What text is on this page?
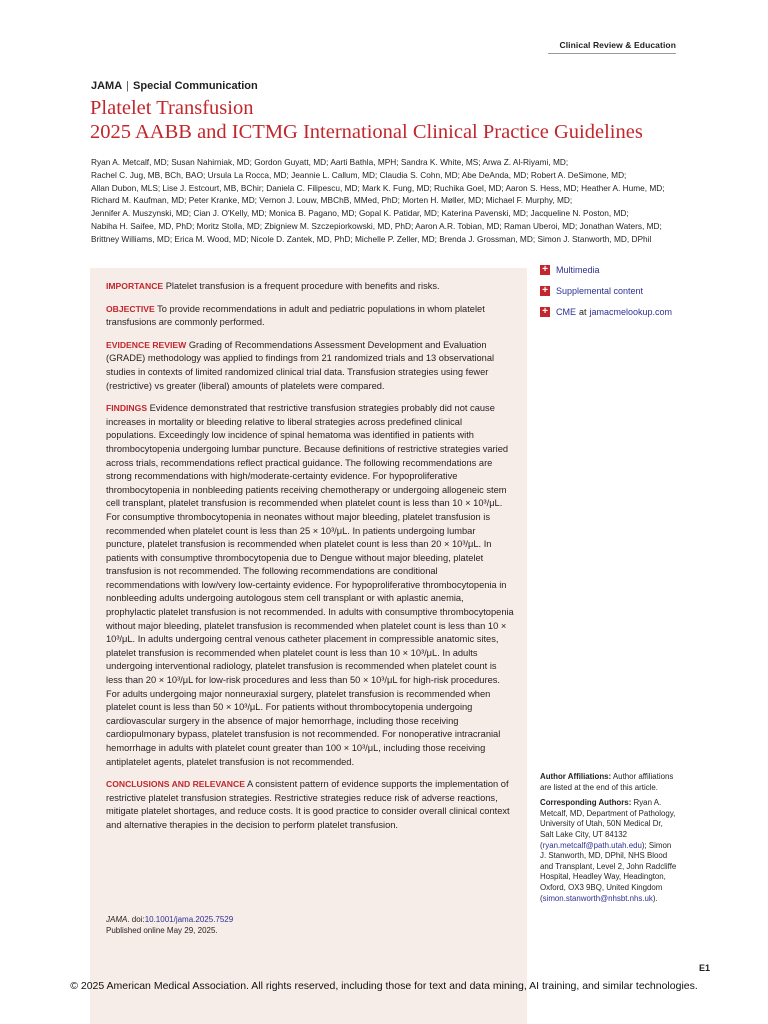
Clinical Review & Education
JAMA | Special Communication
Platelet Transfusion
2025 AABB and ICTMG International Clinical Practice Guidelines
Ryan A. Metcalf, MD; Susan Nahirniak, MD; Gordon Guyatt, MD; Aarti Bathla, MPH; Sandra K. White, MS; Arwa Z. Al-Riyami, MD;
Rachel C. Jug, MB, BCh, BAO; Ursula La Rocca, MD; Jeannie L. Callum, MD; Claudia S. Cohn, MD; Abe DeAnda, MD; Robert A. DeSimone, MD;
Allan Dubon, MLS; Lise J. Estcourt, MB, BChir; Daniela C. Filipescu, MD; Mark K. Fung, MD; Ruchika Goel, MD; Aaron S. Hess, MD; Heather A. Hume, MD;
Richard M. Kaufman, MD; Peter Kranke, MD; Vernon J. Louw, MBChB, MMed, PhD; Morten H. Møller, MD; Michael F. Murphy, MD;
Jennifer A. Muszynski, MD; Cian J. O'Kelly, MD; Monica B. Pagano, MD; Gopal K. Patidar, MD; Katerina Pavenski, MD; Jacqueline N. Poston, MD;
Nabiha H. Saifee, MD, PhD; Moritz Stolla, MD; Zbigniew M. Szczepiorkowski, MD, PhD; Aaron A.R. Tobian, MD; Raman Uberoi, MD; Jonathan Waters, MD;
Brittney Williams, MD; Erica M. Wood, MD; Nicole D. Zantek, MD, PhD; Michelle P. Zeller, MD; Brenda J. Grossman, MD; Simon J. Stanworth, MD, DPhil

IMPORTANCE Platelet transfusion is a frequent procedure with benefits and risks.

OBJECTIVE To provide recommendations in adult and pediatric populations in whom platelet transfusions are commonly performed.

EVIDENCE REVIEW Grading of Recommendations Assessment Development and Evaluation (GRADE) methodology was applied to findings from 21 randomized trials and 13 observational studies in contexts of limited randomized clinical trial data. Transfusion strategies using fewer (restrictive) vs greater (liberal) amounts of platelets were compared.

FINDINGS Evidence demonstrated that restrictive transfusion strategies probably did not cause increases in mortality or bleeding relative to liberal strategies across predefined clinical populations. Exceedingly low incidence of spinal hematoma was identified in patients with thrombocytopenia undergoing lumbar puncture. Because definitions of restrictive strategies varied across trials, recommendations reflect practical guidance. The following recommendations are strong recommendations with high/moderate-certainty evidence. For hypoproliferative thrombocytopenia in nonbleeding patients receiving chemotherapy or undergoing allogeneic stem cell transplant, platelet transfusion is recommended when platelet count is less than 10 × 10³/μL. For consumptive thrombocytopenia in neonates without major bleeding, platelet transfusion is recommended when platelet count is less than 25 × 10³/μL. In patients undergoing lumbar puncture, platelet transfusion is recommended when platelet count is less than 20 × 10³/μL. In patients with consumptive thrombocytopenia due to Dengue without major bleeding, platelet transfusion is not recommended. The following recommendations are conditional recommendations with low/very low-certainty evidence. For hypoproliferative thrombocytopenia in nonbleeding adults undergoing autologous stem cell transplant or with aplastic anemia, prophylactic platelet transfusion is not recommended. In adults with consumptive thrombocytopenia without major bleeding, platelet transfusion is recommended when platelet count is less than 10 × 10³/μL. In adults undergoing central venous catheter placement in compressible anatomic sites, platelet transfusion is recommended when platelet count is less than 10 × 10³/μL. In adults undergoing interventional radiology, platelet transfusion is recommended when platelet count is less than 20 × 10³/μL for low-risk procedures and less than 50 × 10³/μL for high-risk procedures. For adults undergoing major nonneuraxial surgery, platelet transfusion is recommended when platelet count is less than 50 × 10³/μL. For patients without thrombocytopenia undergoing cardiovascular surgery in the absence of major hemorrhage, including those receiving cardiopulmonary bypass, platelet transfusion is not recommended. For nonoperative intracranial hemorrhage in adults with platelet count greater than 100 × 10³/μL, including those receiving antiplatelet agents, platelet transfusion is not recommended.

CONCLUSIONS AND RELEVANCE A consistent pattern of evidence supports the implementation of restrictive platelet transfusion strategies. Restrictive strategies reduce risk of adverse reactions, mitigate platelet shortages, and reduce costs. It is good practice to consider overall clinical context and alternative therapies in the decision to perform platelet transfusion.

JAMA. doi:10.1001/jama.2025.7529
Published online May 29, 2025.
+ Multimedia
+ Supplemental content
+ CME at jamacmelookup.com

Author Affiliations: Author affiliations are listed at the end of this article.

Corresponding Authors: Ryan A. Metcalf, MD, Department of Pathology, University of Utah, 50N Medical Dr, Salt Lake City, UT 84132 (ryan.metcalf@path.utah.edu); Simon J. Stanworth, MD, DPhil, NHS Blood and Transplant, Level 2, John Radcliffe Hospital, Headley Way, Headington, Oxford, OX3 9BQ, United Kingdom (simon.stanworth@nhsbt.nhs.uk).

E1
© 2025 American Medical Association. All rights reserved, including those for text and data mining, AI training, and similar technologies.
